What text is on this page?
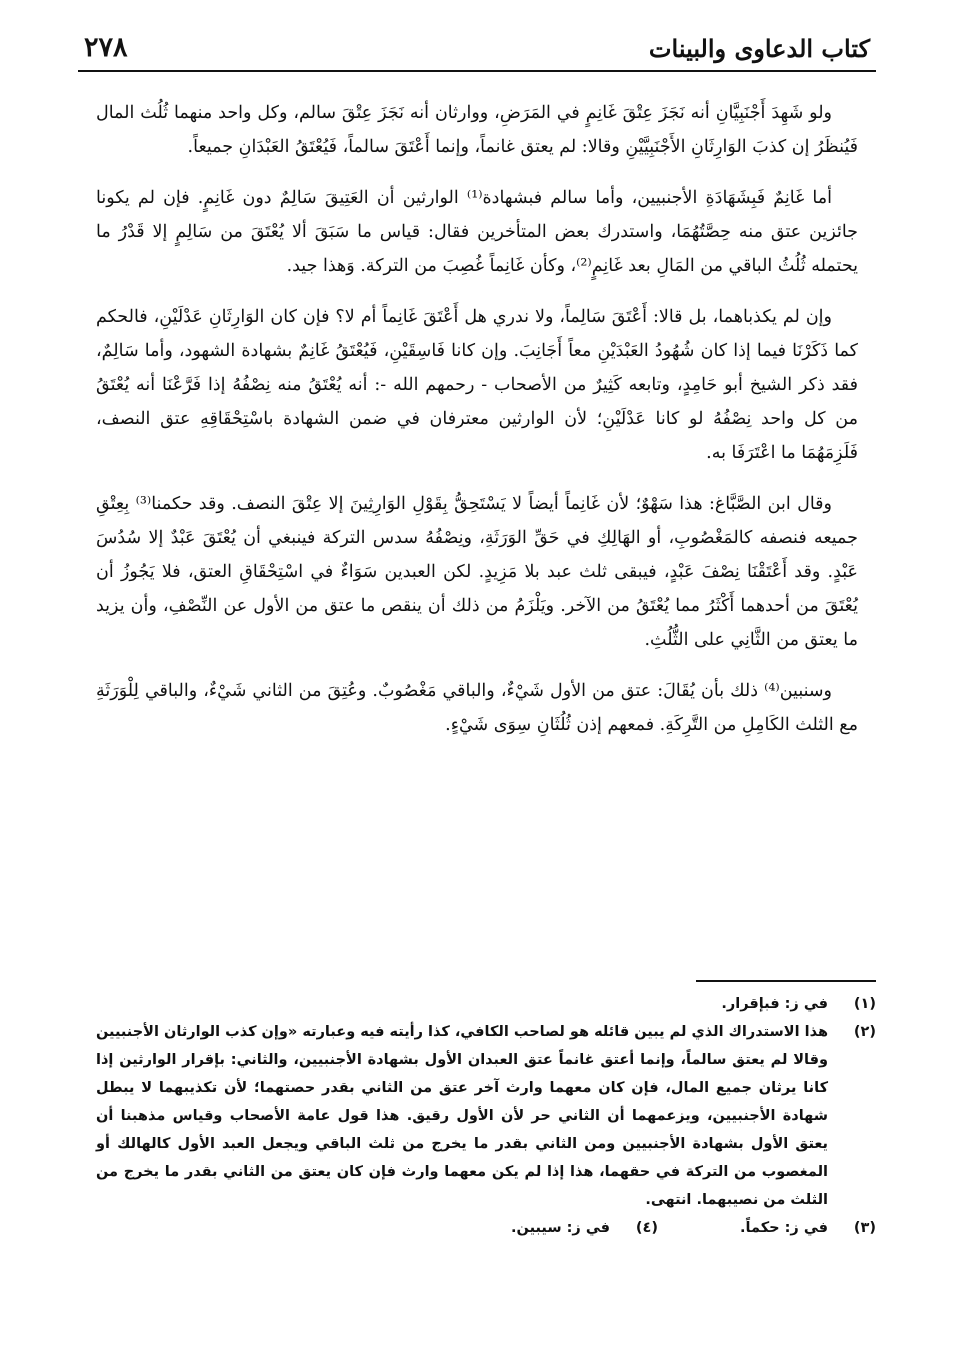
كتاب الدعاوى والبينات
٢٧٨

ولو شَهِدَ أَجْنَبِيَّانِ أنه نَجَزَ عِتْقَ غَانِمٍ في المَرَضِ، ووارثان أنه نَجَزَ عِتْقَ سالم، وكل واحد منهما ثُلُث المال فَيُنظَرُ إن كذبَ الوَارِثَانِ الأَجْنَبِيَّيْنِ وقالا: لم يعتق غانماً، وإنما أَعْتَقَ سالماً، فَيُعْتَقُ العَبْدَانِ جميعاً.

أما غَانِمٌ فَبِشَهَادَةِ الأجنبيين، وأما سالم فبشهادة⁽¹⁾ الوارثين أن العَتِيقَ سَالِمٌ دون غَانِمٍ. فإن لم يكونا جائزين عتق منه حِصَّتُهُمَا، واستدرك بعض المتأخرين فقال: قياس ما سَبَقَ ألا يُعْتَقَ من سَالِمٍ إلا قَدْرُ ما يحتمله ثُلُثُ الباقي من المَالِ بعد غَانِمٍ⁽²⁾، وكأن غَانِماً غُصِبَ من التركة. وَهذا جيد.

وإن لم يكذباهما، بل قالا: أَعْتَقَ سَالِماً، ولا ندري هل أَعْتَقَ غَانِماً أم لا؟ فإن كان الوَارِثَانِ عَدْلَيْنِ، فالحكم كما ذَكَرْنَا فيما إذا كان شُهُودُ العَبْدَيْنِ معاً أَجَانِبَ. وإن كانا فَاسِقَيْنِ، فَيُعْتَقُ غَانِمٌ بشهادة الشهود، وأما سَالِمٌ، فقد ذكر الشيخ أبو حَامِدٍ، وتابعه كَثِيرٌ من الأصحاب - رحمهم الله -: أنه يُعْتَقُ منه نِصْفُهُ إذا فَرَّعْنَا أنه يُعْتَقُ من كل واحد نِصْفُهُ لو كانا عَدْلَيْنِ؛ لأن الوارثين معترفان في ضمن الشهادة باسْتِحْقَاقِهِ عتق النصف، فَلَزِمَهُمَا ما اعْتَرَفَا به.

وقال ابن الصَّبَّاغ: هذا سَهْوٌ؛ لأن غَانِماً أيضاً لا يَسْتَحِقُّ بِقَوْلِ الوَارِثِينَ إلا عِتْقَ النصف. وقد حكمنا⁽³⁾ بِعِتْقِ جميعه فنصفه كالمَغْصُوبِ، أو الهَالِكِ في حَقِّ الوَرَثَةِ، ونِصْفُهُ سدس التركة فينبغي أن يُعْتَقَ عَبْدٌ إلا سُدُسَ عَبْدٍ. وقد أَعْتَقْنَا نِصْفَ عَبْدٍ، فيبقى ثلث عبد بلا مَزِيدٍ. لكن العبدين سَوَاءٌ في اسْتِحْقَاقِ العتق، فلا يَجُوزُ أن يُعْتَقَ من أحدهما أَكْثَرُ مما يُعْتَقُ من الآخر. ويَلْزَمُ من ذلك أن ينقص ما عتق من الأول عن النِّصْفِ، وأن يزيد ما يعتق من الثَّانِي على الثُّلُثِ.

وسنبين⁽⁴⁾ ذلك بأن يُقَالَ: عتق من الأول شَيْءٌ، والباقي مَغْصُوبٌ. وعُتِقَ من الثاني شَيْءٌ، والباقي لِلْوَرَثَةِ مع الثلث الكَامِلِ من التَّرِكَةِ. فمعهم إذن ثُلُثَانِ سِوَى شَيْءٍ.

(١)
في ز: فبإقرار.
(٢)
هذا الاستدراك الذي لم يبين قائله هو لصاحب الكافي، كذا رأيته فيه وعبارته «وإن كذب الوارثان الأجنبيين وقالا لم يعتق سالماً، وإنما أعتق غانماً عتق العبدان الأول بشهادة الأجنبيين، والثاني: بإقرار الوارثين إذا كانا يرثان جميع المال، فإن كان معهما وارث آخر عتق من الثاني بقدر حصتهما؛ لأن تكذيبهما لا يبطل شهادة الأجنبيين، ويزعمهما أن الثاني حر لأن الأول رقيق. هذا قول عامة الأصحاب وقياس مذهبنا أن يعتق الأول بشهادة الأجنبيين ومن الثاني بقدر ما يخرج من ثلث الباقي ويجعل العبد الأول كالهالك أو المغصوب من التركة في حقهما، هذا إذا لم يكن معهما وارث فإن كان يعتق من الثاني بقدر ما يخرج من الثلث من نصيبهما. انتهى.
(٣)
في ز: حكماً.
(٤)
في ز: سيبين.
